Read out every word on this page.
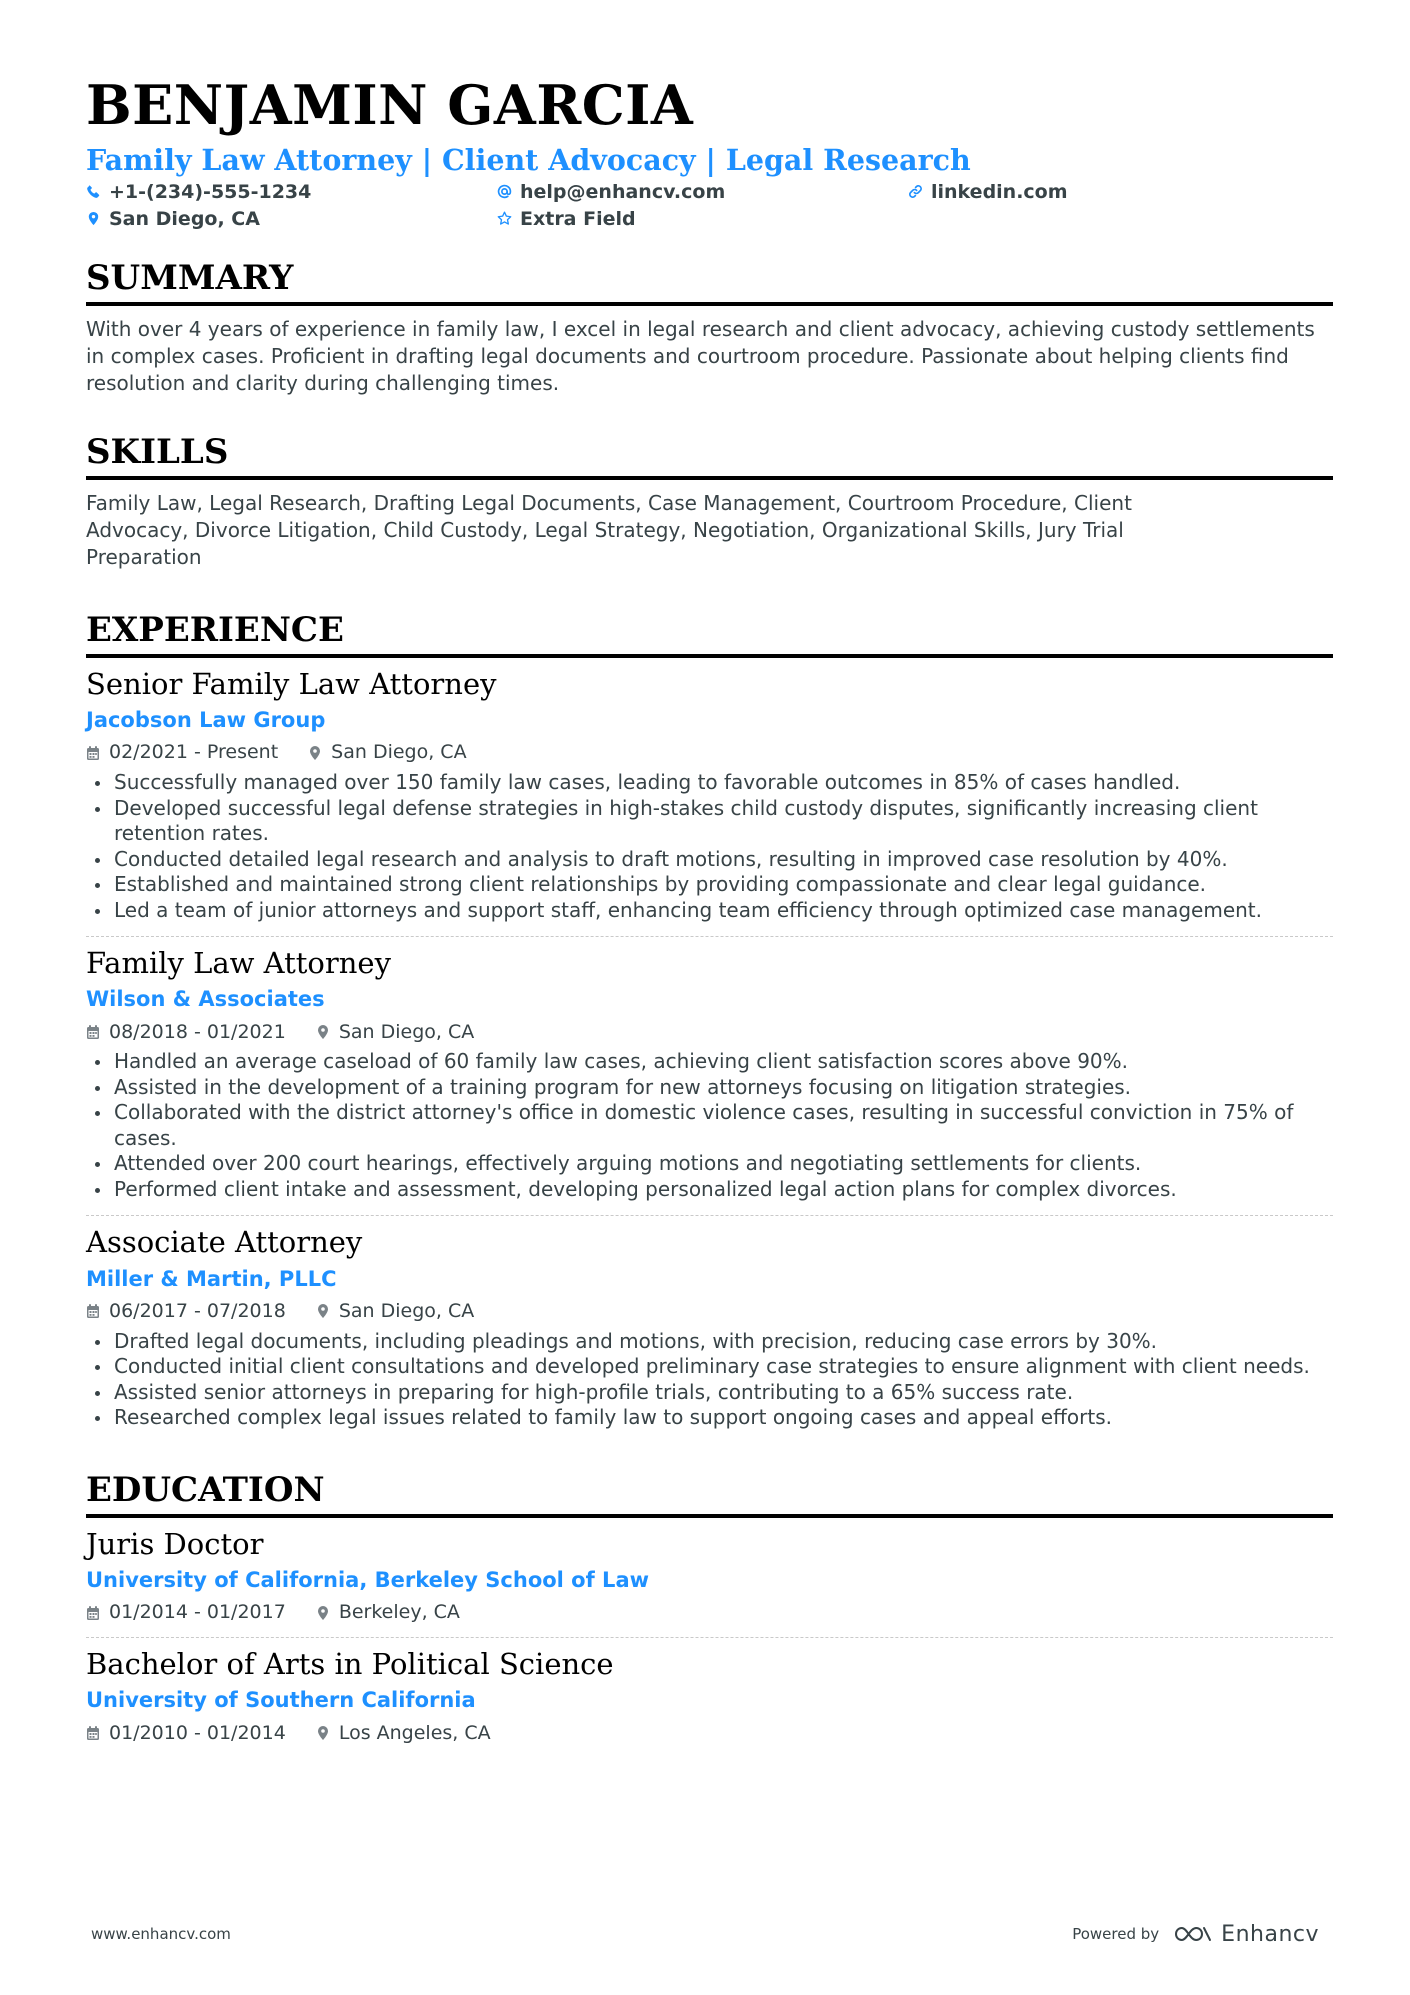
BENJAMIN GARCIA
Family Law Attorney | Client Advocacy | Legal Research
+1-(234)-555-1234	help@enhancv.com	linkedin.com
San Diego, CA	Extra Field
SUMMARY
With over 4 years of experience in family law, I excel in legal research and client advocacy, achieving custody settlements in complex cases. Proficient in drafting legal documents and courtroom procedure. Passionate about helping clients find resolution and clarity during challenging times.
SKILLS
Family Law, Legal Research, Drafting Legal Documents, Case Management, Courtroom Procedure, Client Advocacy, Divorce Litigation, Child Custody, Legal Strategy, Negotiation, Organizational Skills, Jury Trial Preparation
EXPERIENCE
Senior Family Law Attorney
Jacobson Law Group
02/2021 - Present	San Diego, CA
Successfully managed over 150 family law cases, leading to favorable outcomes in 85% of cases handled.
Developed successful legal defense strategies in high-stakes child custody disputes, significantly increasing client retention rates.
Conducted detailed legal research and analysis to draft motions, resulting in improved case resolution by 40%.
Established and maintained strong client relationships by providing compassionate and clear legal guidance.
Led a team of junior attorneys and support staff, enhancing team efficiency through optimized case management.
Family Law Attorney
Wilson & Associates
08/2018 - 01/2021	San Diego, CA
Handled an average caseload of 60 family law cases, achieving client satisfaction scores above 90%.
Assisted in the development of a training program for new attorneys focusing on litigation strategies.
Collaborated with the district attorney's office in domestic violence cases, resulting in successful conviction in 75% of cases.
Attended over 200 court hearings, effectively arguing motions and negotiating settlements for clients.
Performed client intake and assessment, developing personalized legal action plans for complex divorces.
Associate Attorney
Miller & Martin, PLLC
06/2017 - 07/2018	San Diego, CA
Drafted legal documents, including pleadings and motions, with precision, reducing case errors by 30%.
Conducted initial client consultations and developed preliminary case strategies to ensure alignment with client needs.
Assisted senior attorneys in preparing for high-profile trials, contributing to a 65% success rate.
Researched complex legal issues related to family law to support ongoing cases and appeal efforts.
EDUCATION
Juris Doctor
University of California, Berkeley School of Law
01/2014 - 01/2017	Berkeley, CA
Bachelor of Arts in Political Science
University of Southern California
01/2010 - 01/2014	Los Angeles, CA
www.enhancv.com	Powered by	Enhancv
